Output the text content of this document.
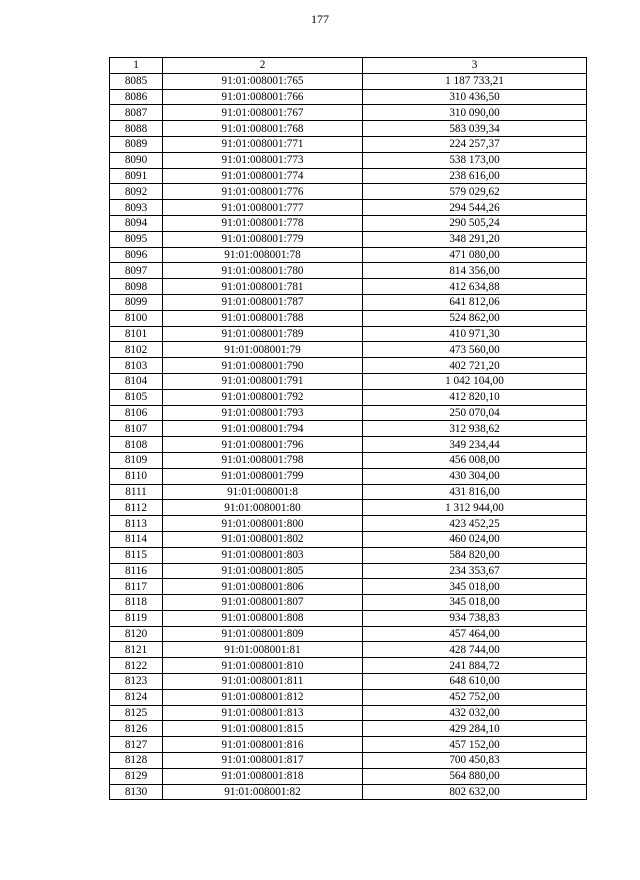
177
1	2	3
8085	91:01:008001:765	1 187 733,21
8086	91:01:008001:766	310 436,50
8087	91:01:008001:767	310 090,00
8088	91:01:008001:768	583 039,34
8089	91:01:008001:771	224 257,37
8090	91:01:008001:773	538 173,00
8091	91:01:008001:774	238 616,00
8092	91:01:008001:776	579 029,62
8093	91:01:008001:777	294 544,26
8094	91:01:008001:778	290 505,24
8095	91:01:008001:779	348 291,20
8096	91:01:008001:78	471 080,00
8097	91:01:008001:780	814 356,00
8098	91:01:008001:781	412 634,88
8099	91:01:008001:787	641 812,06
8100	91:01:008001:788	524 862,00
8101	91:01:008001:789	410 971,30
8102	91:01:008001:79	473 560,00
8103	91:01:008001:790	402 721,20
8104	91:01:008001:791	1 042 104,00
8105	91:01:008001:792	412 820,10
8106	91:01:008001:793	250 070,04
8107	91:01:008001:794	312 938,62
8108	91:01:008001:796	349 234,44
8109	91:01:008001:798	456 008,00
8110	91:01:008001:799	430 304,00
8111	91:01:008001:8	431 816,00
8112	91:01:008001:80	1 312 944,00
8113	91:01:008001:800	423 452,25
8114	91:01:008001:802	460 024,00
8115	91:01:008001:803	584 820,00
8116	91:01:008001:805	234 353,67
8117	91:01:008001:806	345 018,00
8118	91:01:008001:807	345 018,00
8119	91:01:008001:808	934 738,83
8120	91:01:008001:809	457 464,00
8121	91:01:008001:81	428 744,00
8122	91:01:008001:810	241 884,72
8123	91:01:008001:811	648 610,00
8124	91:01:008001:812	452 752,00
8125	91:01:008001:813	432 032,00
8126	91:01:008001:815	429 284,10
8127	91:01:008001:816	457 152,00
8128	91:01:008001:817	700 450,83
8129	91:01:008001:818	564 880,00
8130	91:01:008001:82	802 632,00
